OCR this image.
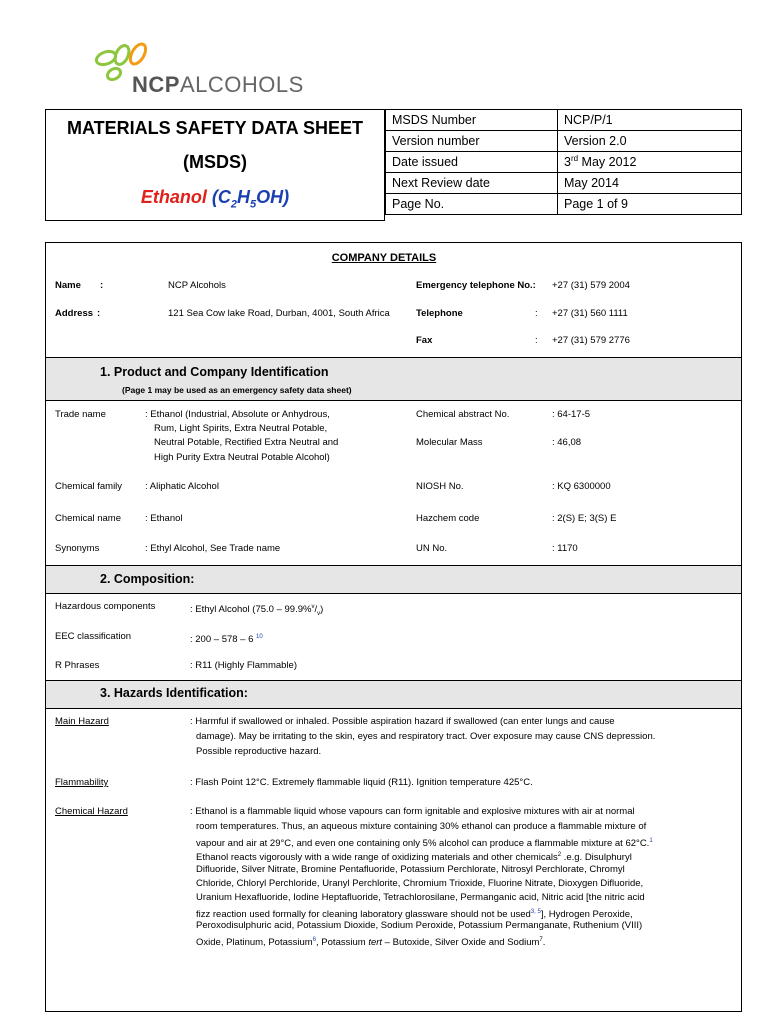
NCPALCOHOLS
MATERIALS SAFETY DATA SHEET
(MSDS)
Ethanol $(C_2H_5OH)$
MSDS Number	NCP/P/1
Version number	Version 2.0
Date issued	3rd May 2012
Next Review date	May 2014
Page No.	Page 1 of 9
COMPANY DETAILS
Name :	NCP Alcohols	Emergency telephone No.: +27 (31) 579 2004
Address :	121 Sea Cow lake Road, Durban, 4001, South Africa	Telephone	: +27 (31) 560 1111
Fax	: +27 (31) 579 2776
1. Product and Company Identification
(Page 1 may be used as an emergency safety data sheet)
Trade name	: Ethanol (Industrial, Absolute or Anhydrous,
Rum, Light Spirits, Extra Neutral Potable,
Neutral Potable, Rectified Extra Neutral and
High Purity Extra Neutral Potable Alcohol)
Chemical abstract No.	: 64-17-5
Molecular Mass	: 46,08
Chemical family : Aliphatic Alcohol	NIOSH No.	: KQ 6300000
Chemical name	: Ethanol	Hazchem code	: 2(S) E; 3(S) E
Synonyms	: Ethyl Alcohol, See Trade name	UN No.	: 1170
2. Composition:
Hazardous components	: Ethyl Alcohol $(75.0 - 99.9\%^v/_v)$
EEC classification	: 200 – 578 – 6 $^{10}$
R Phrases	: R11 (Highly Flammable)
3. Hazards Identification:
Main Hazard	: Harmful if swallowed or inhaled. Possible aspiration hazard if swallowed (can enter lungs and cause
damage). May be irritating to the skin, eyes and respiratory tract. Over exposure may cause CNS depression.
Possible reproductive hazard.
Flammability	: Flash Point 12°C. Extremely flammable liquid (R11). Ignition temperature 425°C.
Chemical Hazard	: Ethanol is a flammable liquid whose vapours can form ignitable and explosive mixtures with air at normal
room temperatures. Thus, an aqueous mixture containing 30% ethanol can produce a flammable mixture of
vapour and air at 29°C, and even one containing only 5% alcohol can produce a flammable mixture at 62°C.$^1$
Ethanol reacts vigorously with a wide range of oxidizing materials and other chemicals$^2$ .e.g. Disulphuryl
Difluoride, Silver Nitrate, Bromine Pentafluoride, Potassium Perchlorate, Nitrosyl Perchlorate, Chromyl
Chloride, Chloryl Perchloride, Uranyl Perchlorite, Chromium Trioxide, Fluorine Nitrate, Dioxygen Difluoride,
Uranium Hexafluoride, Iodine Heptafluoride, Tetrachlorosilane, Permanganic acid, Nitric acid [the nitric acid
fizz reaction used formally for cleaning laboratory glassware should not be used$^{3, 5}$], Hydrogen Peroxide,
Peroxodisulphuric acid, Potassium Dioxide, Sodium Peroxide, Potassium Permanganate, Ruthenium (VIII)
Oxide, Platinum, Potassium$^6$, Potassium tert – Butoxide, Silver Oxide and Sodium$^7$.
